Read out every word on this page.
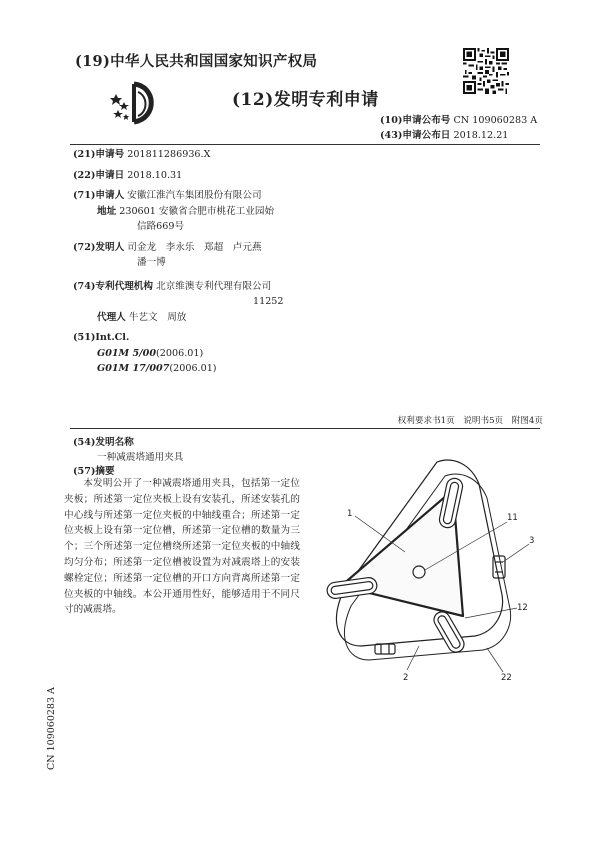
(19)中华人民共和国国家知识产权局
(12)发明专利申请
(10)申请公布号 CN 109060283 A
(43)申请公布日 2018.12.21
(21)申请号 201811286936.X
(22)申请日 2018.10.31
(71)申请人 安徽江淮汽车集团股份有限公司
地址 230601 安徽省合肥市桃花工业园始
信路669号
(72)发明人 司金龙　李永乐　郑超　卢元燕
潘一博
(74)专利代理机构 北京维澳专利代理有限公司
11252
代理人 牛艺文　周放
(51)Int.Cl.
G01M 5/00(2006.01)
G01M 17/007(2006.01)
权利要求书1页　说明书5页　附图4页
(54)发明名称
一种减震塔通用夹具
(57)摘要
本发明公开了一种减震塔通用夹具，包括第一定位夹板；所述第一定位夹板上设有安装孔，所述安装孔的中心线与所述第一定位夹板的中轴线重合；所述第一定位夹板上设有第一定位槽，所述第一定位槽的数量为三个；三个所述第一定位槽绕所述第一定位夹板的中轴线均匀分布；所述第一定位槽被设置为对减震塔上的安装螺栓定位；所述第一定位槽的开口方向背离所述第一定位夹板的中轴线。本公开通用性好，能够适用于不同尺寸的减震塔。
1	11
3
12
2	22
CN 109060283 A
